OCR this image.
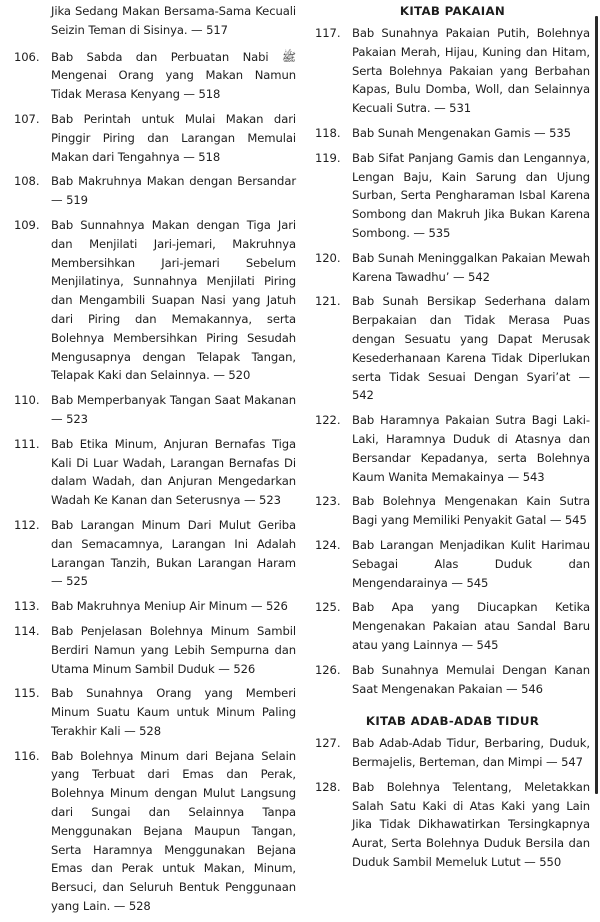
Jika Sedang Makan Bersama-Sama Kecuali Seizin Teman di Sisinya. — 517
106. Bab Sabda dan Perbuatan Nabi ﷺ Mengenai Orang yang Makan Namun Tidak Merasa Kenyang — 518
107. Bab Perintah untuk Mulai Makan dari Pinggir Piring dan Larangan Memulai Makan dari Tengahnya — 518
108. Bab Makruhnya Makan dengan Bersandar — 519
109. Bab Sunnahnya Makan dengan Tiga Jari dan Menjilati Jari-jemari, Makruhnya Membersihkan Jari-jemari Sebelum Menjilatinya, Sunnahnya Menjilati Piring dan Mengambili Suapan Nasi yang Jatuh dari Piring dan Memakannya, serta Bolehnya Membersihkan Piring Sesudah Mengusapnya dengan Telapak Tangan, Telapak Kaki dan Selainnya. — 520
110. Bab Memperbanyak Tangan Saat Makanan — 523
111. Bab Etika Minum, Anjuran Bernafas Tiga Kali Di Luar Wadah, Larangan Bernafas Di dalam Wadah, dan Anjuran Mengedarkan Wadah Ke Kanan dan Seterusnya — 523
112. Bab Larangan Minum Dari Mulut Geriba dan Semacamnya, Larangan Ini Adalah Larangan Tanzih, Bukan Larangan Haram — 525
113. Bab Makruhnya Meniup Air Minum — 526
114. Bab Penjelasan Bolehnya Minum Sambil Berdiri Namun yang Lebih Sempurna dan Utama Minum Sambil Duduk — 526
115. Bab Sunahnya Orang yang Memberi Minum Suatu Kaum untuk Minum Paling Terakhir Kali — 528
116. Bab Bolehnya Minum dari Bejana Selain yang Terbuat dari Emas dan Perak, Bolehnya Minum dengan Mulut Langsung dari Sungai dan Selainnya Tanpa Menggunakan Bejana Maupun Tangan, Serta Haramnya Menggunakan Bejana Emas dan Perak untuk Makan, Minum, Bersuci, dan Seluruh Bentuk Penggunaan yang Lain. — 528
KITAB PAKAIAN
117. Bab Sunahnya Pakaian Putih, Bolehnya Pakaian Merah, Hijau, Kuning dan Hitam, Serta Bolehnya Pakaian yang Berbahan Kapas, Bulu Domba, Woll, dan Selainnya Kecuali Sutra. — 531
118. Bab Sunah Mengenakan Gamis — 535
119. Bab Sifat Panjang Gamis dan Lengannya, Lengan Baju, Kain Sarung dan Ujung Surban, Serta Pengharaman Isbal Karena Sombong dan Makruh Jika Bukan Karena Sombong. — 535
120. Bab Sunah Meninggalkan Pakaian Mewah Karena Tawadhu’ — 542
121. Bab Sunah Bersikap Sederhana dalam Berpakaian dan Tidak Merasa Puas dengan Sesuatu yang Dapat Merusak Kesederhanaan Karena Tidak Diperlukan serta Tidak Sesuai Dengan Syari’at — 542
122. Bab Haramnya Pakaian Sutra Bagi Laki-Laki, Haramnya Duduk di Atasnya dan Bersandar Kepadanya, serta Bolehnya Kaum Wanita Memakainya — 543
123. Bab Bolehnya Mengenakan Kain Sutra Bagi yang Memiliki Penyakit Gatal — 545
124. Bab Larangan Menjadikan Kulit Harimau Sebagai Alas Duduk dan Mengendarainya — 545
125. Bab Apa yang Diucapkan Ketika Mengenakan Pakaian atau Sandal Baru atau yang Lainnya — 545
126. Bab Sunahnya Memulai Dengan Kanan Saat Mengenakan Pakaian — 546
KITAB ADAB-ADAB TIDUR
127. Bab Adab-Adab Tidur, Berbaring, Duduk, Bermajelis, Berteman, dan Mimpi — 547
128. Bab Bolehnya Telentang, Meletakkan Salah Satu Kaki di Atas Kaki yang Lain Jika Tidak Dikhawatirkan Tersingkapnya Aurat, Serta Bolehnya Duduk Bersila dan Duduk Sambil Memeluk Lutut — 550
